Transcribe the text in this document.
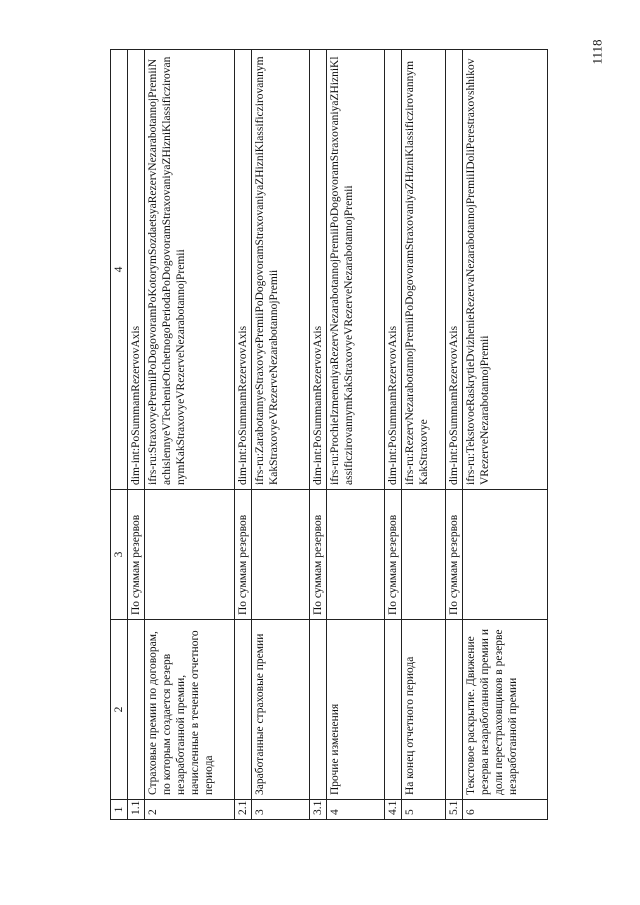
1118
1	2	3	4
1.1		По суммам резервов	dim-int:PoSummamRezervovAxis
2	Страховые премии по договорам, по которым создается резерв незаработанной премии, начисленные в течение отчетного периода		ifrs-ru:StraxovyePremiiPoDogovoramPoKotorymSozdaetsyaRezervNezarabotannojPremiiNachislennyeVTechenieOtchetnogoPeriodaPoDogovoramStraxovaniyaZHizniKlassificzirovannymKakStraxovyeVRezerveNezarabotannojPremii
2.1		По суммам резервов	dim-int:PoSummamRezervovAxis
3	Заработанные страховые премии		ifrs-ru:ZarabotannyeStraxovyePremiiPoDogovoramStraxovaniyaZHizniKlassificzirovannymKakStraxovyeVRezerveNezarabotannojPremii
3.1		По суммам резервов	dim-int:PoSummamRezervovAxis
4	Прочие изменения		ifrs-ru:ProchieIzmeneniyaRezervNezarabotannojPremiiPoDogovoramStraxovaniyaZHizniKlassificzirovannymKakStraxovyeVRezerveNezarabotannojPremii
4.1		По суммам резервов	dim-int:PoSummamRezervovAxis
5	На конец отчетного периода		ifrs-ru:RezervNezarabotannojPremiiPoDogovoramStraxovaniyaZHizniKlassificzirovannymKakStraxovye
5.1		По суммам резервов	dim-int:PoSummamRezervovAxis
6	Текстовое раскрытие. Движение резерва незаработанной премии и доли перестраховщиков в резерве незаработанной премии		ifrs-ru:TekstovoeRaskrytieDvizhenieRezervaNezarabotannojPremiiIDoliPerestraxovshhikovVRezerveNezarabotannojPremii
